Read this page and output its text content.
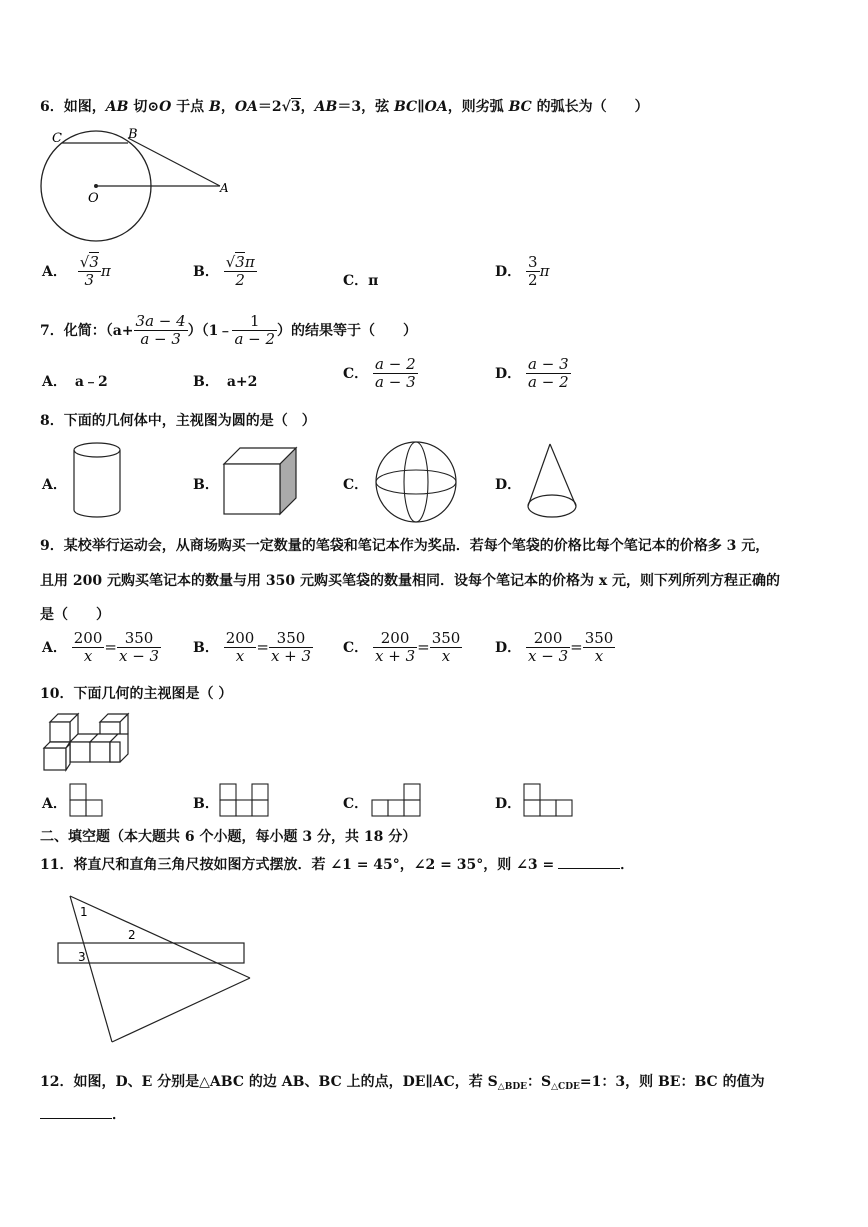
6．如图，AB 切⊙O 于点 B，OA＝2√3，AB＝3，弦 BC∥OA，则劣弧 BC 的弧长为（　　）
C	B
O
A
A． $\frac{√3}{3}$ π	B． $\frac{√3\pi}{2}$	C．π
D． $\frac{3}{2}$ π
7．化简：（$a+ \frac{3a - 4}{a - 3}$ ）（1﹣ $\frac{1}{a - 2}$ ）的结果等于（　　）
A． a﹣2	B． a+2
C． $\frac{a - 2}{a - 3}$	D． $\frac{a - 3}{a - 2}$
8．下面的几何体中，主视图为圆的是（　）
A．	B．	C．	D．
9．某校举行运动会，从商场购买一定数量的笔袋和笔记本作为奖品．若每个笔袋的价格比每个笔记本的价格多 3 元，
且用 200 元购买笔记本的数量与用 350 元购买笔袋的数量相同．设每个笔记本的价格为 x 元，则下列所列方程正确的
是（　　）
A． $\frac{200}{x} = \frac{350}{x - 3}$ B． $\frac{200}{x} = \frac{350}{x + 3}$ C． $\frac{200}{x + 3} = \frac{350}{x}$ D． $\frac{200}{x - 3} = \frac{350}{x}$
10．下面几何的主视图是（ ）
A．	B．	C．	D．
二、填空题（本大题共 6 个小题，每小题 3 分，共 18 分）
11．将直尺和直角三角尺按如图方式摆放．若 ∠1 = 45°，∠2 = 35°，则 ∠3 =	．
1
2
3
12．如图，D、E 分别是△ABC 的边 AB、BC 上的点，DE∥AC，若 $S_{\triangle BDE}$：$S_{\triangle CDE}=1$：3，则 BE：BC 的值为
．
